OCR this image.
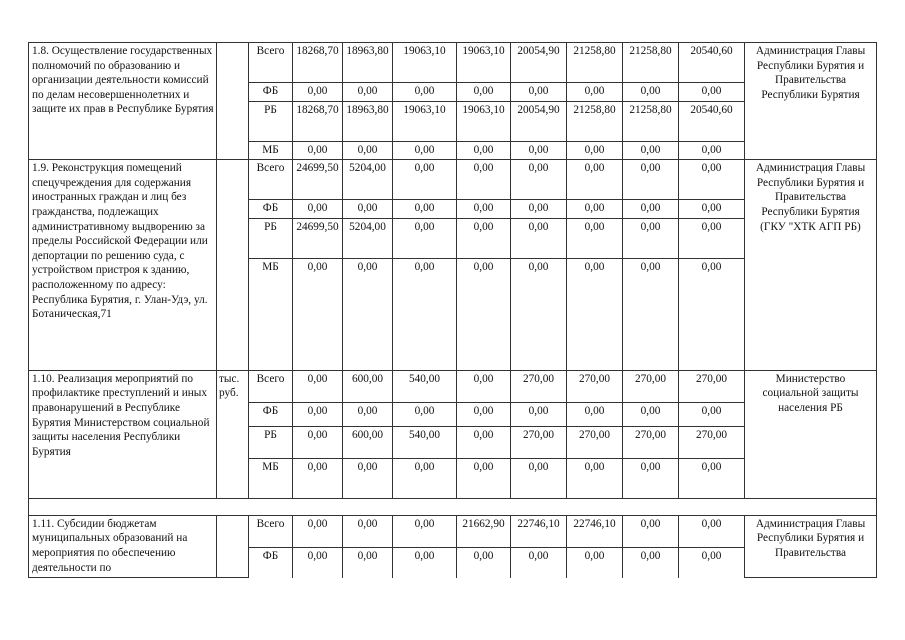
1.8. Осуществление государственных полномочий по образованию и организации деятельности комиссий по делам несовершеннолетних и защите их прав в Республике Бурятия		Всего	18268,70	18963,80	19063,10	19063,10	20054,90	21258,80	21258,80	20540,60	Администрация Главы Республики Бурятия и Правительства Республики Бурятия
		ФБ	0,00	0,00	0,00	0,00	0,00	0,00	0,00	0,00	
		РБ	18268,70	18963,80	19063,10	19063,10	20054,90	21258,80	21258,80	20540,60	
		МБ	0,00	0,00	0,00	0,00	0,00	0,00	0,00	0,00	
1.9. Реконструкция помещений спецучреждения для содержания иностранных граждан и лиц без гражданства, подлежащих административному выдворению за пределы Российской Федерации или депортации по решению суда, с устройством пристроя к зданию, расположенному по адресу: Республика Бурятия, г. Улан-Удэ, ул. Ботаническая,71		Всего	24699,50	5204,00	0,00	0,00	0,00	0,00	0,00	0,00	Администрация Главы Республики Бурятия и Правительства Республики Бурятия (ГКУ "ХТК АГП РБ)
		ФБ	0,00	0,00	0,00	0,00	0,00	0,00	0,00	0,00	
		РБ	24699,50	5204,00	0,00	0,00	0,00	0,00	0,00	0,00	
		МБ	0,00	0,00	0,00	0,00	0,00	0,00	0,00	0,00	
1.10. Реализация мероприятий по профилактике преступлений и иных правонарушений в Республике Бурятия Министерством социальной защиты населения Республики Бурятия	тыс. руб.	Всего	0,00	600,00	540,00	0,00	270,00	270,00	270,00	270,00	Министерство социальной защиты населения РБ
		ФБ	0,00	0,00	0,00	0,00	0,00	0,00	0,00	0,00	
		РБ	0,00	600,00	540,00	0,00	270,00	270,00	270,00	270,00	
		МБ	0,00	0,00	0,00	0,00	0,00	0,00	0,00	0,00	

1.11. Субсидии бюджетам муниципальных образований на мероприятия по обеспечению деятельности по		Всего	0,00	0,00	0,00	21662,90	22746,10	22746,10	0,00	0,00	Администрация Главы Республики Бурятия и Правительства
		ФБ	0,00	0,00	0,00	0,00	0,00	0,00	0,00	0,00	
